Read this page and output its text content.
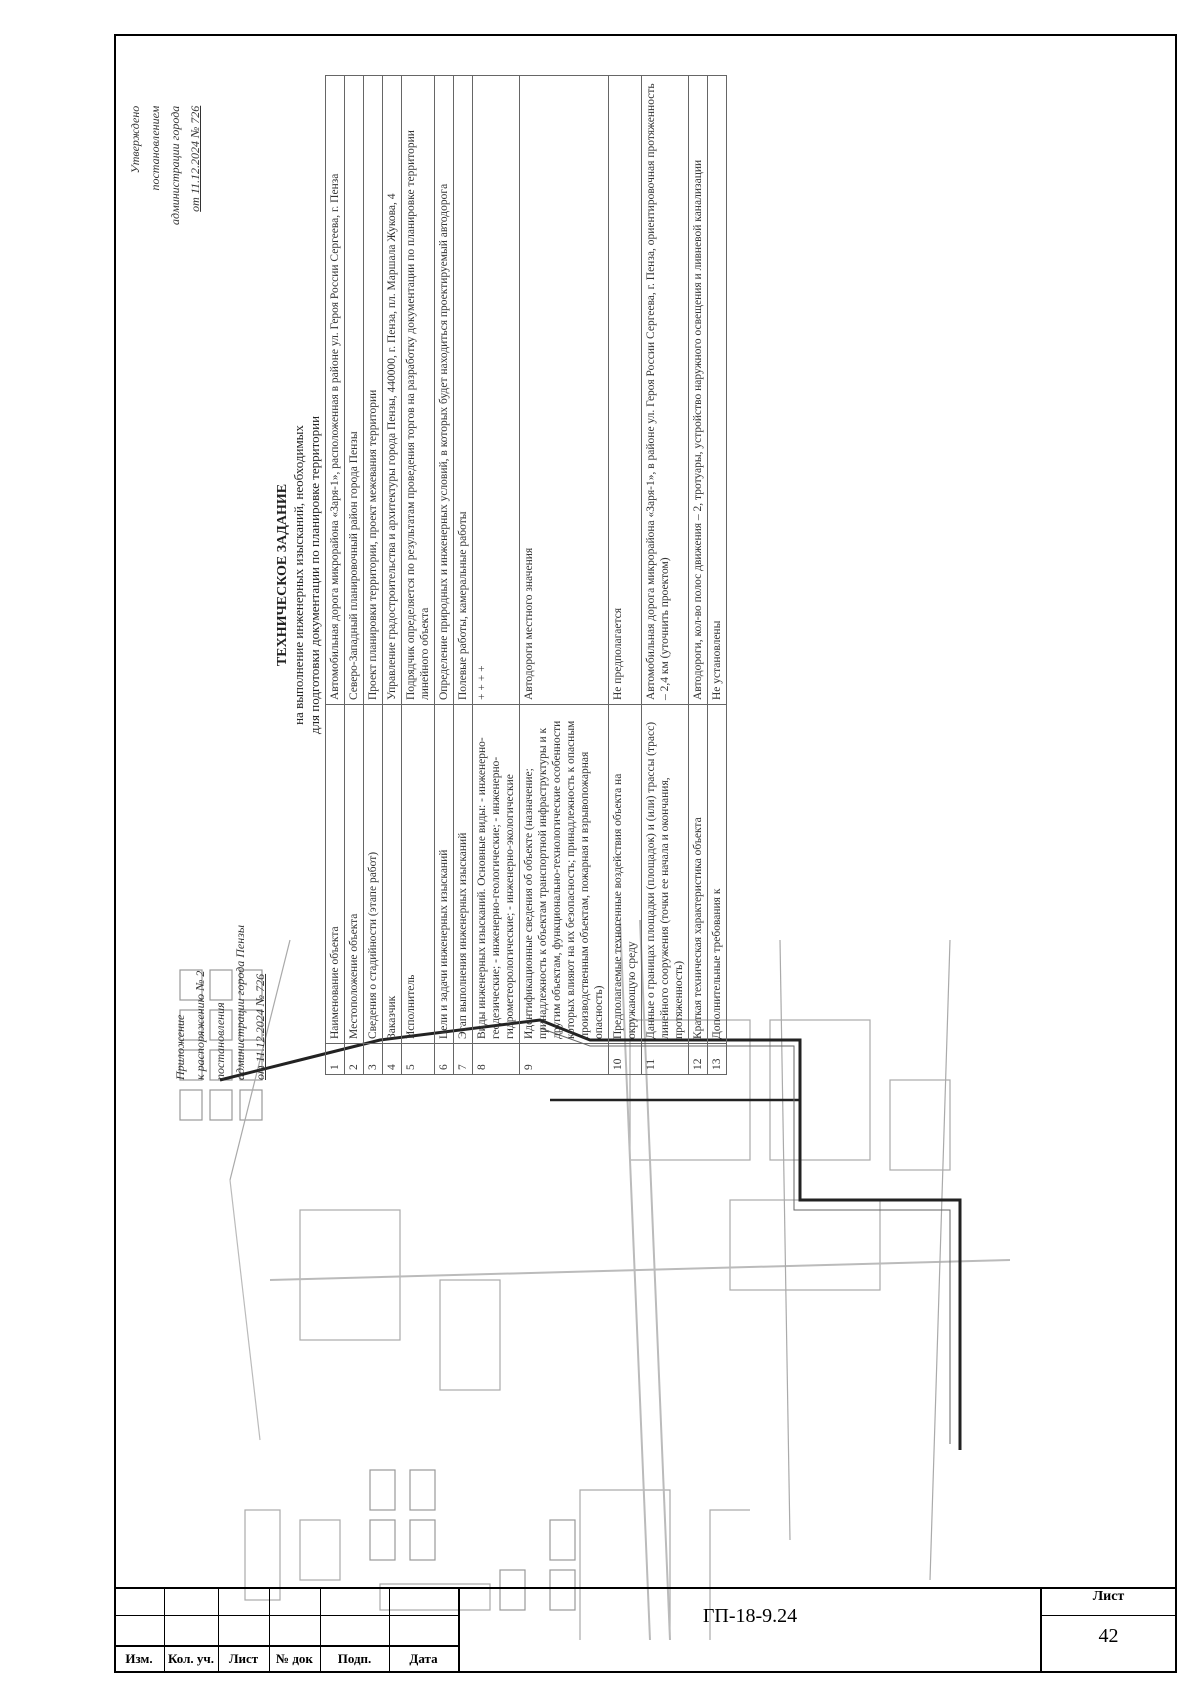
Приложение к распоряжению № 2 постановления администрации города Пензы от 11.12.2024 № 726
Утверждено постановлением администрации города от 11.12.2024 № 726
ТЕХНИЧЕСКОЕ ЗАДАНИЕ на выполнение инженерных изысканий, необходимых для подготовки документации по планировке территории
1	Наименование объекта	Автомобильная дорога микрорайона «Заря-1», расположенная в районе ул. Героя России Сергеева, г. Пенза
2	Местоположение объекта	Северо-Западный планировочный район города Пензы
3	Сведения о стадийности (этапе работ)	Проект планировки территории, проект межевания территории
4	Заказчик	Управление градостроительства и архитектуры города Пензы, 440000, г. Пенза, пл. Маршала Жукова, 4
5	Исполнитель	Подрядчик определяется по результатам проведения торгов на разработку документации по планировке территории линейного объекта
6	Цели и задачи инженерных изысканий	Определение природных и инженерных условий, в которых будет находиться проектируемый автодорога
7	Этап выполнения инженерных изысканий	Полевые работы, камеральные работы
8	Виды инженерных изысканий. Основные виды: - инженерно-геодезические; - инженерно-геологические; - инженерно-гидрометеорологические; - инженерно-экологические	+ + + +
9	Идентификационные сведения об объекте (назначение; принадлежность к объектам транспортной инфраструктуры и к другим объектам, функционально-технологические особенности которых влияют на их безопасность; принадлежность к опасным производственным объектам, пожарная и взрывопожарная опасность)	Автодороги местного значения
10	Предполагаемые техногенные воздействия объекта на окружающую среду	Не предполагается
11	Данные о границах площадки (площадок) и (или) трассы (трасс) линейного сооружения (точки ее начала и окончания, протяженность)	Автомобильная дорога микрорайона «Заря-1», в районе ул. Героя России Сергеева, г. Пенза, ориентировочная протяженность – 2,4 км (уточнить проектом)
12	Краткая техническая характеристика объекта	Автодороги, кол-во полос движения – 2, тротуары, устройство наружного освещения и ливневой канализации
13	Дополнительные требования к	Не установлены
Изм.	Кол. уч.	Лист	№ док	Подп.	Дата
ГП-18-9.24
Лист
42
